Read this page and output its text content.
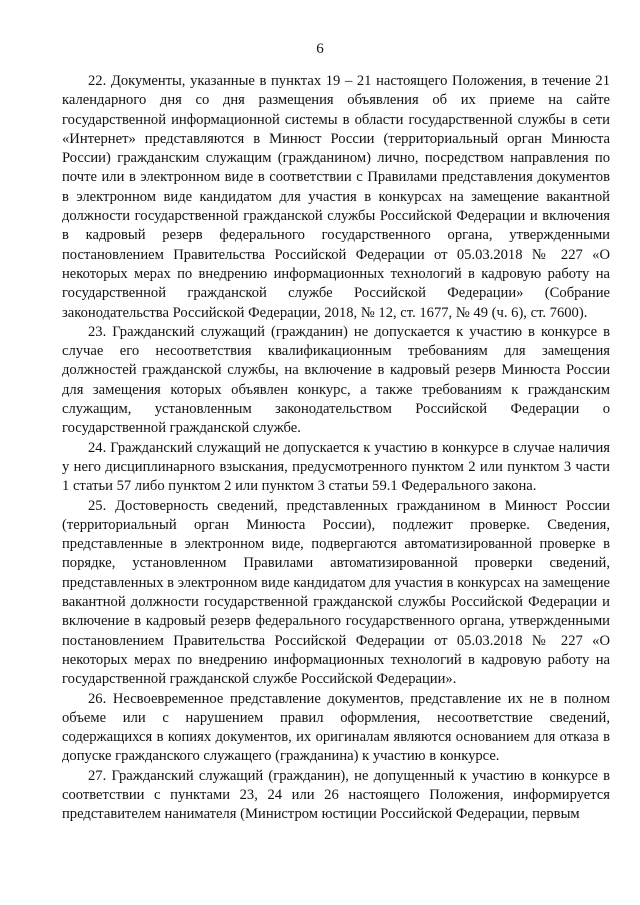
6

22. Документы, указанные в пунктах 19 – 21 настоящего Положения, в течение 21 календарного дня со дня размещения объявления об их приеме на сайте государственной информационной системы в области государственной службы в сети «Интернет» представляются в Минюст России (территориальный орган Минюста России) гражданским служащим (гражданином) лично, посредством направления по почте или в электронном виде в соответствии с Правилами представления документов в электронном виде кандидатом для участия в конкурсах на замещение вакантной должности государственной гражданской службы Российской Федерации и включения в кадровый резерв федерального государственного органа, утвержденными постановлением Правительства Российской Федерации от 05.03.2018 № 227 «О некоторых мерах по внедрению информационных технологий в кадровую работу на государственной гражданской службе Российской Федерации» (Собрание законодательства Российской Федерации, 2018, № 12, ст. 1677, № 49 (ч. 6), ст. 7600).

23. Гражданский служащий (гражданин) не допускается к участию в конкурсе в случае его несоответствия квалификационным требованиям для замещения должностей гражданской службы, на включение в кадровый резерв Минюста России для замещения которых объявлен конкурс, а также требованиям к гражданским служащим, установленным законодательством Российской Федерации о государственной гражданской службе.

24. Гражданский служащий не допускается к участию в конкурсе в случае наличия у него дисциплинарного взыскания, предусмотренного пунктом 2 или пунктом 3 части 1 статьи 57 либо пунктом 2 или пунктом 3 статьи 59.1 Федерального закона.

25. Достоверность сведений, представленных гражданином в Минюст России (территориальный орган Минюста России), подлежит проверке. Сведения, представленные в электронном виде, подвергаются автоматизированной проверке в порядке, установленном Правилами автоматизированной проверки сведений, представленных в электронном виде кандидатом для участия в конкурсах на замещение вакантной должности государственной гражданской службы Российской Федерации и включение в кадровый резерв федерального государственного органа, утвержденными постановлением Правительства Российской Федерации от 05.03.2018 № 227 «О некоторых мерах по внедрению информационных технологий в кадровую работу на государственной гражданской службе Российской Федерации».

26. Несвоевременное представление документов, представление их не в полном объеме или с нарушением правил оформления, несоответствие сведений, содержащихся в копиях документов, их оригиналам являются основанием для отказа в допуске гражданского служащего (гражданина) к участию в конкурсе.

27. Гражданский служащий (гражданин), не допущенный к участию в конкурсе в соответствии с пунктами 23, 24 или 26 настоящего Положения, информируется представителем нанимателя (Министром юстиции Российской Федерации, первым
